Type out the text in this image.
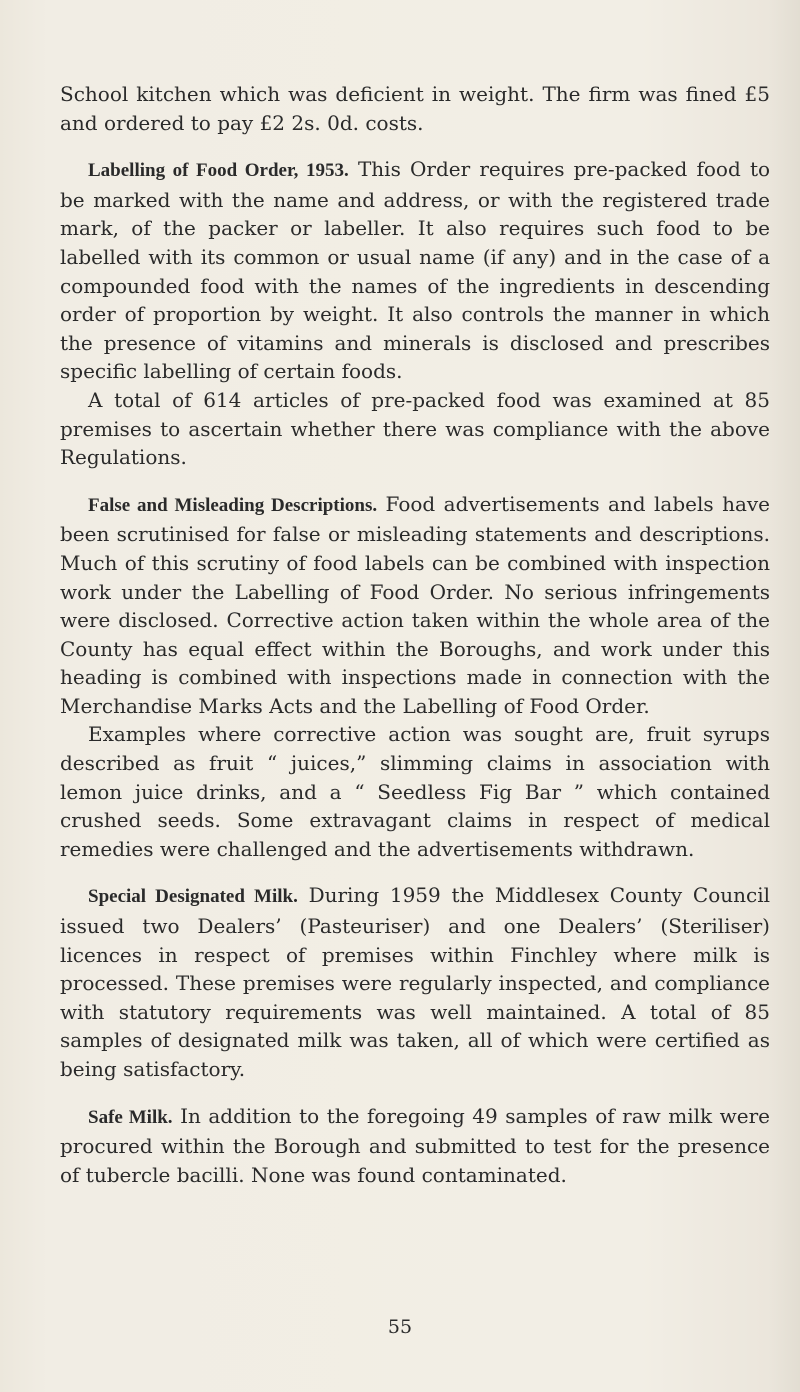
School kitchen which was deficient in weight. The firm was fined £5 and ordered to pay £2 2s. 0d. costs.

Labelling of Food Order, 1953. This Order requires pre-packed food to be marked with the name and address, or with the registered trade mark, of the packer or labeller. It also requires such food to be labelled with its common or usual name (if any) and in the case of a compounded food with the names of the ingredients in descending order of proportion by weight. It also controls the manner in which the presence of vitamins and minerals is disclosed and prescribes specific labelling of certain foods.

A total of 614 articles of pre-packed food was examined at 85 premises to ascertain whether there was compliance with the above Regulations.

False and Misleading Descriptions. Food advertisements and labels have been scrutinised for false or misleading statements and descriptions. Much of this scrutiny of food labels can be combined with inspection work under the Labelling of Food Order. No serious infringements were disclosed. Corrective action taken within the whole area of the County has equal effect within the Boroughs, and work under this heading is combined with inspections made in connection with the Merchandise Marks Acts and the Labelling of Food Order.

Examples where corrective action was sought are, fruit syrups described as fruit “ juices,” slimming claims in association with lemon juice drinks, and a “ Seedless Fig Bar ” which contained crushed seeds. Some extravagant claims in respect of medical remedies were challenged and the advertisements withdrawn.

Special Designated Milk. During 1959 the Middlesex County Council issued two Dealers’ (Pasteuriser) and one Dealers’ (Steriliser) licences in respect of premises within Finchley where milk is processed. These premises were regularly inspected, and compliance with statutory requirements was well maintained. A total of 85 samples of designated milk was taken, all of which were certified as being satisfactory.

Safe Milk. In addition to the foregoing 49 samples of raw milk were procured within the Borough and submitted to test for the presence of tubercle bacilli. None was found contaminated.

55
